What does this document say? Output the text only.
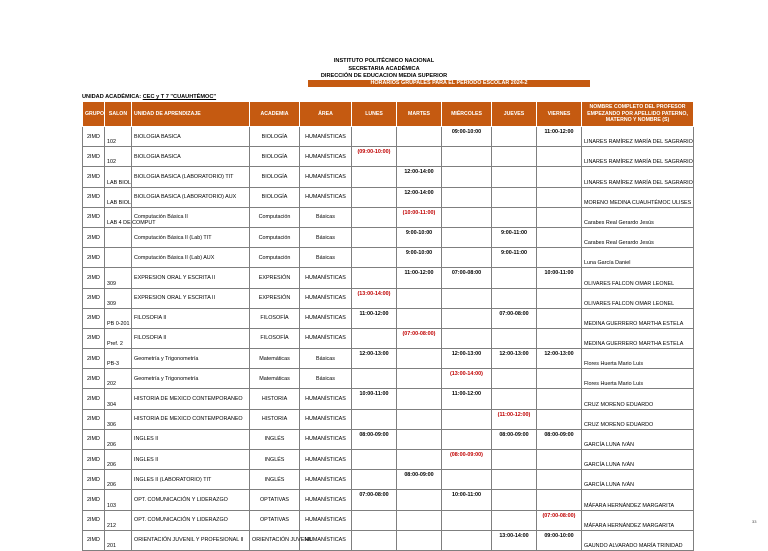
INSTITUTO POLITÉCNICO NACIONAL
SECRETARIA ACADÉMICA
DIRECCIÓN DE EDUCACION MEDIA SUPERIOR
HORARIOS GRUPALES PARA EL PERIODO ESCOLAR 2024-2
UNIDAD ACADÉMICA: CEC y T 7 "CUAUHTÉMOC"
GRUPO	SALON	UNIDAD DE APRENDIZAJE	ACADEMIA	ÁREA	LUNES	MARTES	MIÉRCOLES	JUEVES	VIERNES	NOMBRE COMPLETO DEL PROFESOR EMPEZANDO POR APELLIDO PATERNO, MATERNO Y NOMBRE (S)
2IMD	102	BIOLOGIA BASICA	BIOLOGÍA	HUMANÍSTICAS			09:00-10:00		11:00-12:00	LINARES RAMÍREZ MARÍA DEL SAGRARIO
2IMD	102	BIOLOGIA BASICA	BIOLOGÍA	HUMANÍSTICAS	(09:00-10:00)					LINARES RAMÍREZ MARÍA DEL SAGRARIO
2IMD	LAB BIOL	BIOLOGIA BASICA (LABORATORIO) TIT	BIOLOGÍA	HUMANÍSTICAS		12:00-14:00				LINARES RAMÍREZ MARÍA DEL SAGRARIO
2IMD	LAB BIOL	BIOLOGIA BASICA (LABORATORIO) AUX	BIOLOGÍA	HUMANÍSTICAS		12:00-14:00				MORENO MEDINA CUAUHTÉMOC ULISES
2IMD	LAB 4 DE COMPUT	Computación Básica II	Computación	Básicas		(10:00-11:00)				Carabes Real Gerardo Jesús
2IMD		Computación Básica II (Lab) TIT	Computación	Básicas		9:00-10:00		9:00-11:00		Carabes Real Gerardo Jesús
2IMD		Computación Básica II (Lab) AUX	Computación	Básicas		9:00-10:00		9:00-11:00		Luna García Daniel
2IMD	309	EXPRESION ORAL Y ESCRITA II	EXPRESIÓN	HUMANÍSTICAS		11:00-12:00	07:00-08:00		10:00-11:00	OLIVARES FALCON OMAR LEONEL
2IMD	309	EXPRESION ORAL Y ESCRITA II	EXPRESIÓN	HUMANÍSTICAS	(13:00-14:00)					OLIVARES FALCON OMAR LEONEL
2IMD	PB 0-201	FILOSOFIA II	FILOSOFÍA	HUMANÍSTICAS	11:00-12:00			07:00-08:00		MEDINA GUERRERO MARTHA ESTELA
2IMD	Pref. 2	FILOSOFIA II	FILOSOFÍA	HUMANÍSTICAS		(07:00-08:00)				MEDINA GUERRERO MARTHA ESTELA
2IMD	PB-3	Geometría y Trigonometría	Matemáticas	Básicas	12:00-13:00		12:00-13:00	12:00-13:00	12:00-13:00	Flores Huerta Mario Luis
2IMD	202	Geometría y Trigonometría	Matemáticas	Básicas			(13:00-14:00)			Flores Huerta Mario Luis
2IMD	304	HISTORIA DE MEXICO CONTEMPORANEO	HISTORIA	HUMANÍSTICAS	10:00-11:00		11:00-12:00			CRUZ MORENO EDUARDO
2IMD	306	HISTORIA DE MEXICO CONTEMPORANEO	HISTORIA	HUMANÍSTICAS				(11:00-12:00)		CRUZ MORENO EDUARDO
2IMD	206	INGLES II	INGLÉS	HUMANÍSTICAS	08:00-09:00			08:00-09:00	08:00-09:00	GARCÍA LUNA IVÁN
2IMD	206	INGLES II	INGLÉS	HUMANÍSTICAS			(08:00-09:00)			GARCÍA LUNA IVÁN
2IMD	206	INGLES II (LABORATORIO) TIT	INGLÉS	HUMANÍSTICAS		08:00-09:00				GARCÍA LUNA IVÁN
2IMD	103	OPT. COMUNICACIÓN Y LIDERAZGO	OPTATIVAS	HUMANÍSTICAS	07:00-08:00		10:00-11:00			MÁFARA HERNÁNDEZ MARGARITA
2IMD	212	OPT. COMUNICACIÓN Y LIDERAZGO	OPTATIVAS	HUMANÍSTICAS					(07:00-08:00)	MÁFARA HERNÁNDEZ MARGARITA
2IMD	201	ORIENTACIÓN JUVENIL Y PROFESIONAL II	ORIENTACIÓN JUVENIL	HUMANÍSTICAS				13:00-14:00	09:00-10:00	GAUNDO ALVARADO MARÍA TRINIDAD
33
